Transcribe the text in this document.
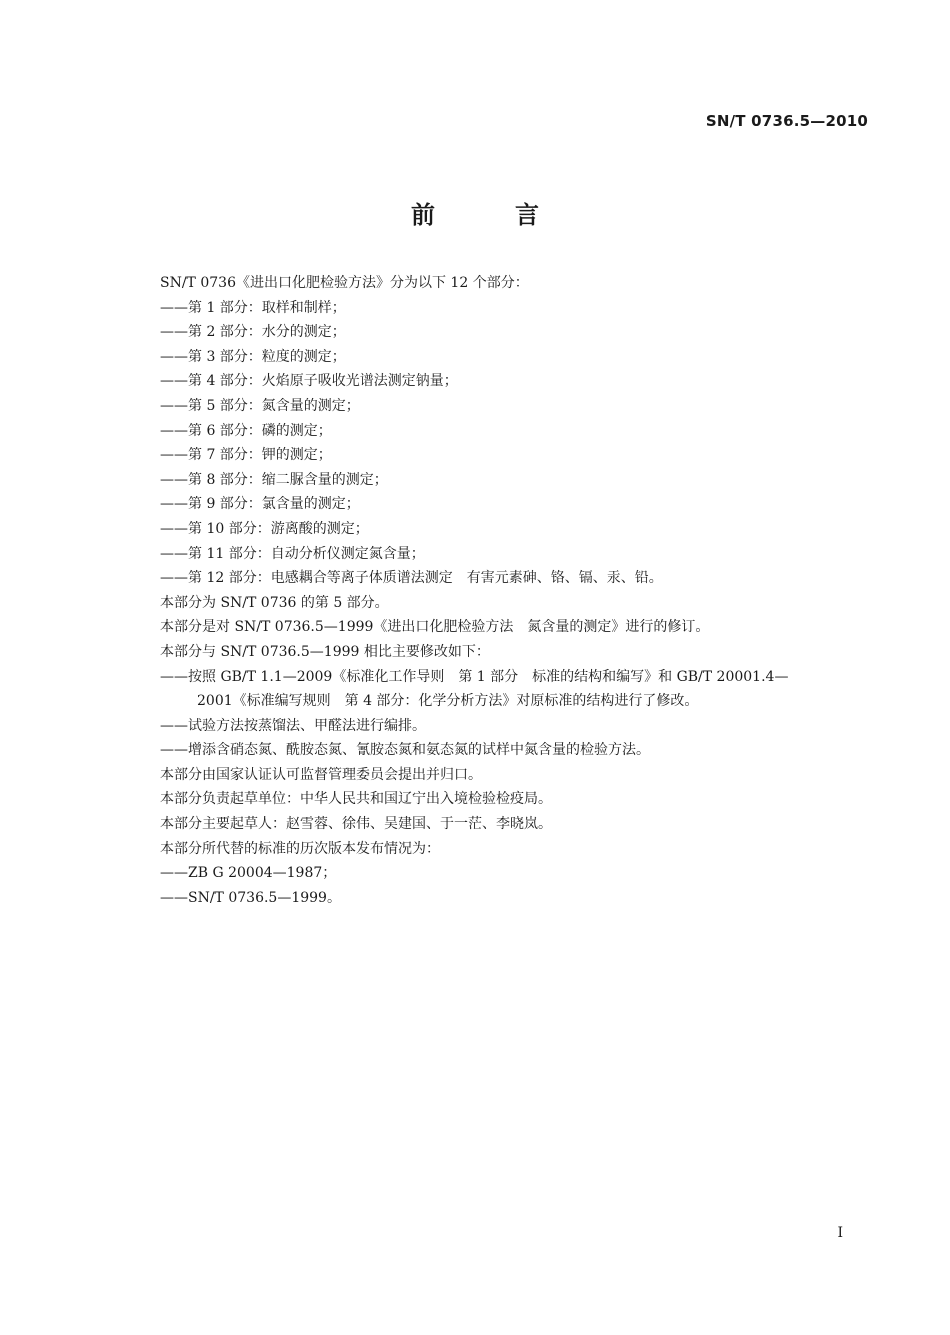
SN/T 0736.5—2010
前　言
SN/T 0736《进出口化肥检验方法》分为以下 12 个部分：
——第 1 部分：取样和制样；
——第 2 部分：水分的测定；
——第 3 部分：粒度的测定；
——第 4 部分：火焰原子吸收光谱法测定钠量；
——第 5 部分：氮含量的测定；
——第 6 部分：磷的测定；
——第 7 部分：钾的测定；
——第 8 部分：缩二脲含量的测定；
——第 9 部分：氯含量的测定；
——第 10 部分：游离酸的测定；
——第 11 部分：自动分析仪测定氮含量；
——第 12 部分：电感耦合等离子体质谱法测定　有害元素砷、铬、镉、汞、铅。
本部分为 SN/T 0736 的第 5 部分。
本部分是对 SN/T 0736.5—1999《进出口化肥检验方法　氮含量的测定》进行的修订。
本部分与 SN/T 0736.5—1999 相比主要修改如下：
——按照 GB/T 1.1—2009《标准化工作导则　第 1 部分　标准的结构和编写》和 GB/T 20001.4—
2001《标准编写规则　第 4 部分：化学分析方法》对原标准的结构进行了修改。
——试验方法按蒸馏法、甲醛法进行编排。
——增添含硝态氮、酰胺态氮、氰胺态氮和氨态氮的试样中氮含量的检验方法。
本部分由国家认证认可监督管理委员会提出并归口。
本部分负责起草单位：中华人民共和国辽宁出入境检验检疫局。
本部分主要起草人：赵雪蓉、徐伟、吴建国、于一茫、李晓岚。
本部分所代替的标准的历次版本发布情况为：
——ZB G 20004—1987；
——SN/T 0736.5—1999。
I
